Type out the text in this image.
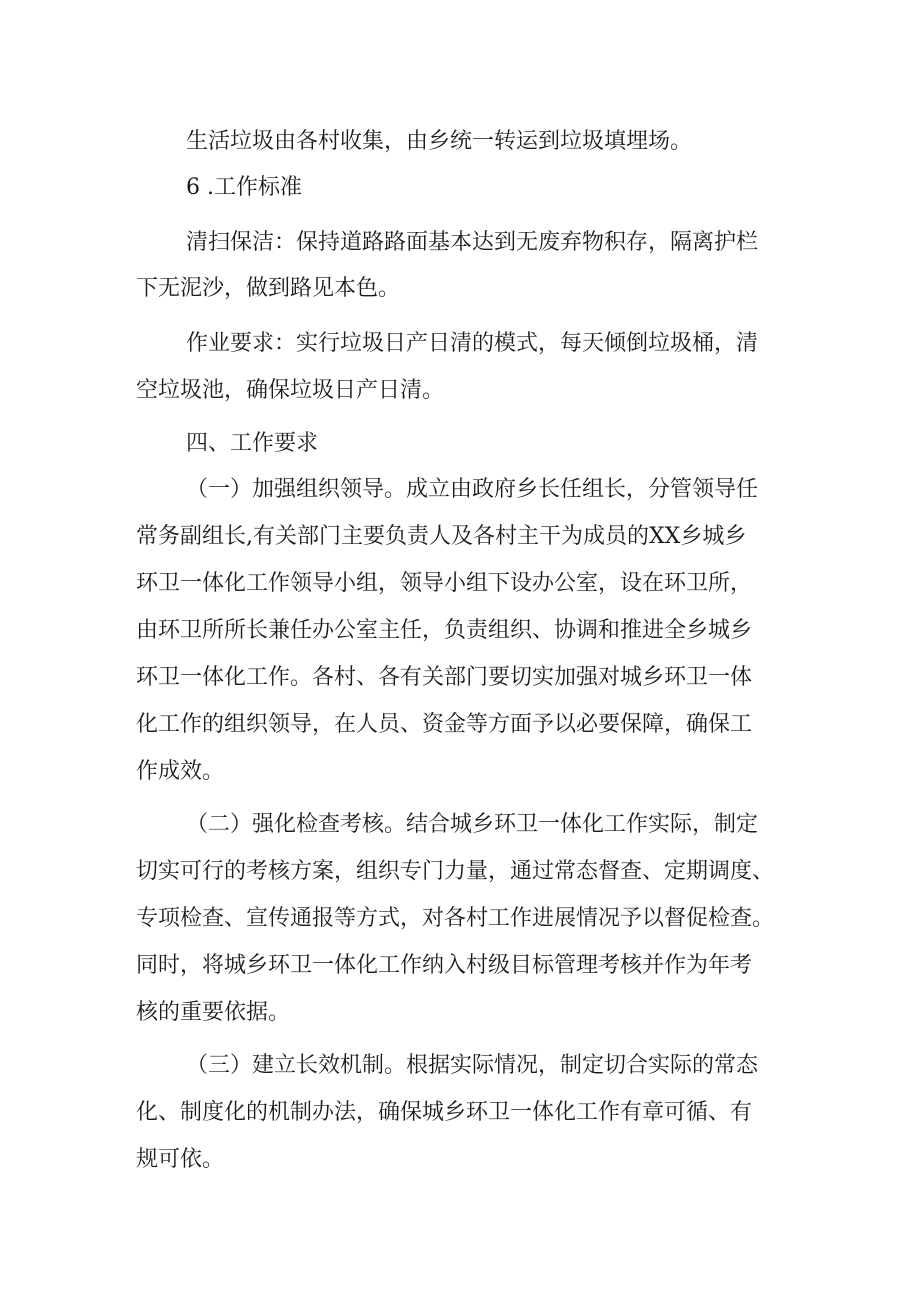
生活垃圾由各村收集，由乡统一转运到垃圾填埋场。
6 .工作标准
清扫保洁：保持道路路面基本达到无废弃物积存，隔离护栏
下无泥沙，做到路见本色。
作业要求：实行垃圾日产日清的模式，每天倾倒垃圾桶，清
空垃圾池，确保垃圾日产日清。
四、工作要求
（一）加强组织领导。成立由政府乡长任组长，分管领导任
常务副组长,有关部门主要负责人及各村主干为成员的XX乡城乡
环卫一体化工作领导小组，领导小组下设办公室，设在环卫所，
由环卫所所长兼任办公室主任，负责组织、协调和推进全乡城乡
环卫一体化工作。各村、各有关部门要切实加强对城乡环卫一体
化工作的组织领导，在人员、资金等方面予以必要保障，确保工
作成效。
（二）强化检查考核。结合城乡环卫一体化工作实际，制定
切实可行的考核方案，组织专门力量，通过常态督查、定期调度、
专项检查、宣传通报等方式，对各村工作进展情况予以督促检查。
同时，将城乡环卫一体化工作纳入村级目标管理考核并作为年考
核的重要依据。
（三）建立长效机制。根据实际情况，制定切合实际的常态
化、制度化的机制办法，确保城乡环卫一体化工作有章可循、有
规可依。
